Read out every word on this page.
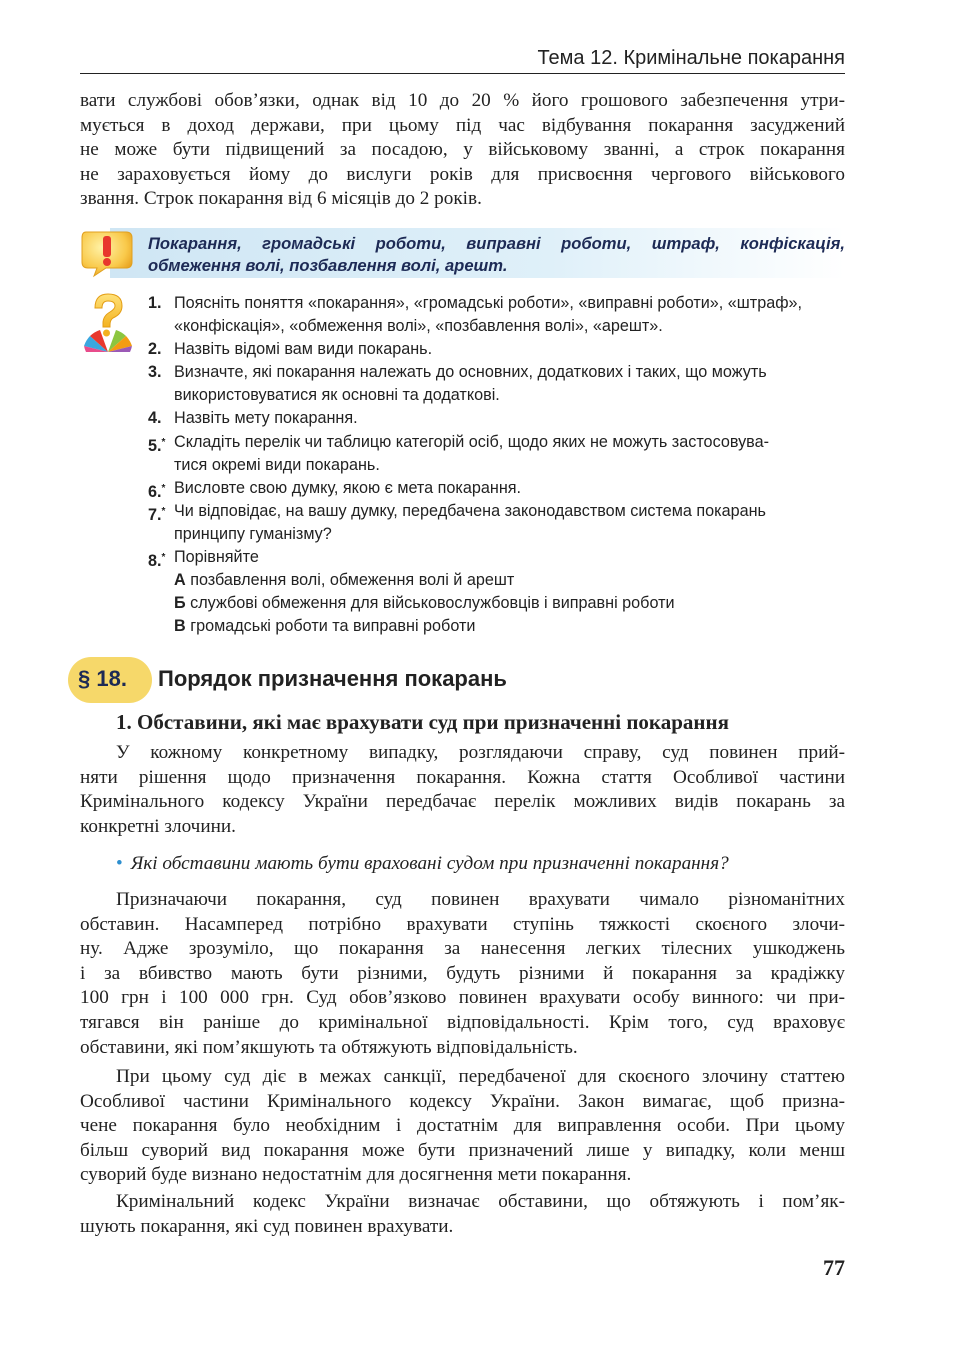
Тема 12. Кримінальне покарання
вати службові обов’язки, однак від 10 до 20 % його грошового забезпечення утри-
мується в доход держави, при цьому під час відбування покарання засуджений
не може бути підвищений за посадою, у військовому званні, а строк покарання
не зараховується йому до вислуги років для присвоєння чергового військового
звання. Строк покарання від 6 місяців до 2 років.
Покарання, громадські роботи, виправні роботи, штраф, конфіскація,
обмеження волі, позбавлення волі, арешт.
1. Поясніть поняття «покарання», «громадські роботи», «виправні роботи», «штраф»,
«конфіскація», «обмеження волі», «позбавлення волі», «арешт».
2. Назвіть відомі вам види покарань.
3. Визначте, які покарання належать до основних, додаткових і таких, що можуть
використовуватися як основні та додаткові.
4. Назвіть мету покарання.
5.* Складіть перелік чи таблицю категорій осіб, щодо яких не можуть застосовува-
тися окремі види покарань.
6.* Висловте свою думку, якою є мета покарання.
7.* Чи відповідає, на вашу думку, передбачена законодавством система покарань
принципу гуманізму?
8.* Порівняйте
А позбавлення волі, обмеження волі й арешт
Б службові обмеження для військовослужбовців і виправні роботи
В громадські роботи та виправні роботи
§ 18. Порядок призначення покарань
1. Обставини, які має врахувати суд при призначенні покарання
У кожному конкретному випадку, розглядаючи справу, суд повинен прий-
няти рішення щодо призначення покарання. Кожна стаття Особливої частини
Кримінального кодексу України передбачає перелік можливих видів покарань за
конкретні злочини.
• Які обставини мають бути враховані судом при призначенні покарання?
Призначаючи покарання, суд повинен врахувати чимало різноманітних
обставин. Насамперед потрібно врахувати ступінь тяжкості скоєного злочи-
ну. Адже зрозуміло, що покарання за нанесення легких тілесних ушкоджень
і за вбивство мають бути різними, будуть різними й покарання за крадіжку
100 грн і 100 000 грн. Суд обов’язково повинен врахувати особу винного: чи при-
тягався він раніше до кримінальної відповідальності. Крім того, суд враховує
обставини, які пом’якшують та обтяжують відповідальність.
При цьому суд діє в межах санкції, передбаченої для скоєного злочину статтею
Особливої частини Кримінального кодексу України. Закон вимагає, щоб призна-
чене покарання було необхідним і достатнім для виправлення особи. При цьому
більш суворий вид покарання може бути призначений лише у випадку, коли менш
суворий буде визнано недостатнім для досягнення мети покарання.
Кримінальний кодекс України визначає обставини, що обтяжують і пом’як-
шують покарання, які суд повинен врахувати.
77
